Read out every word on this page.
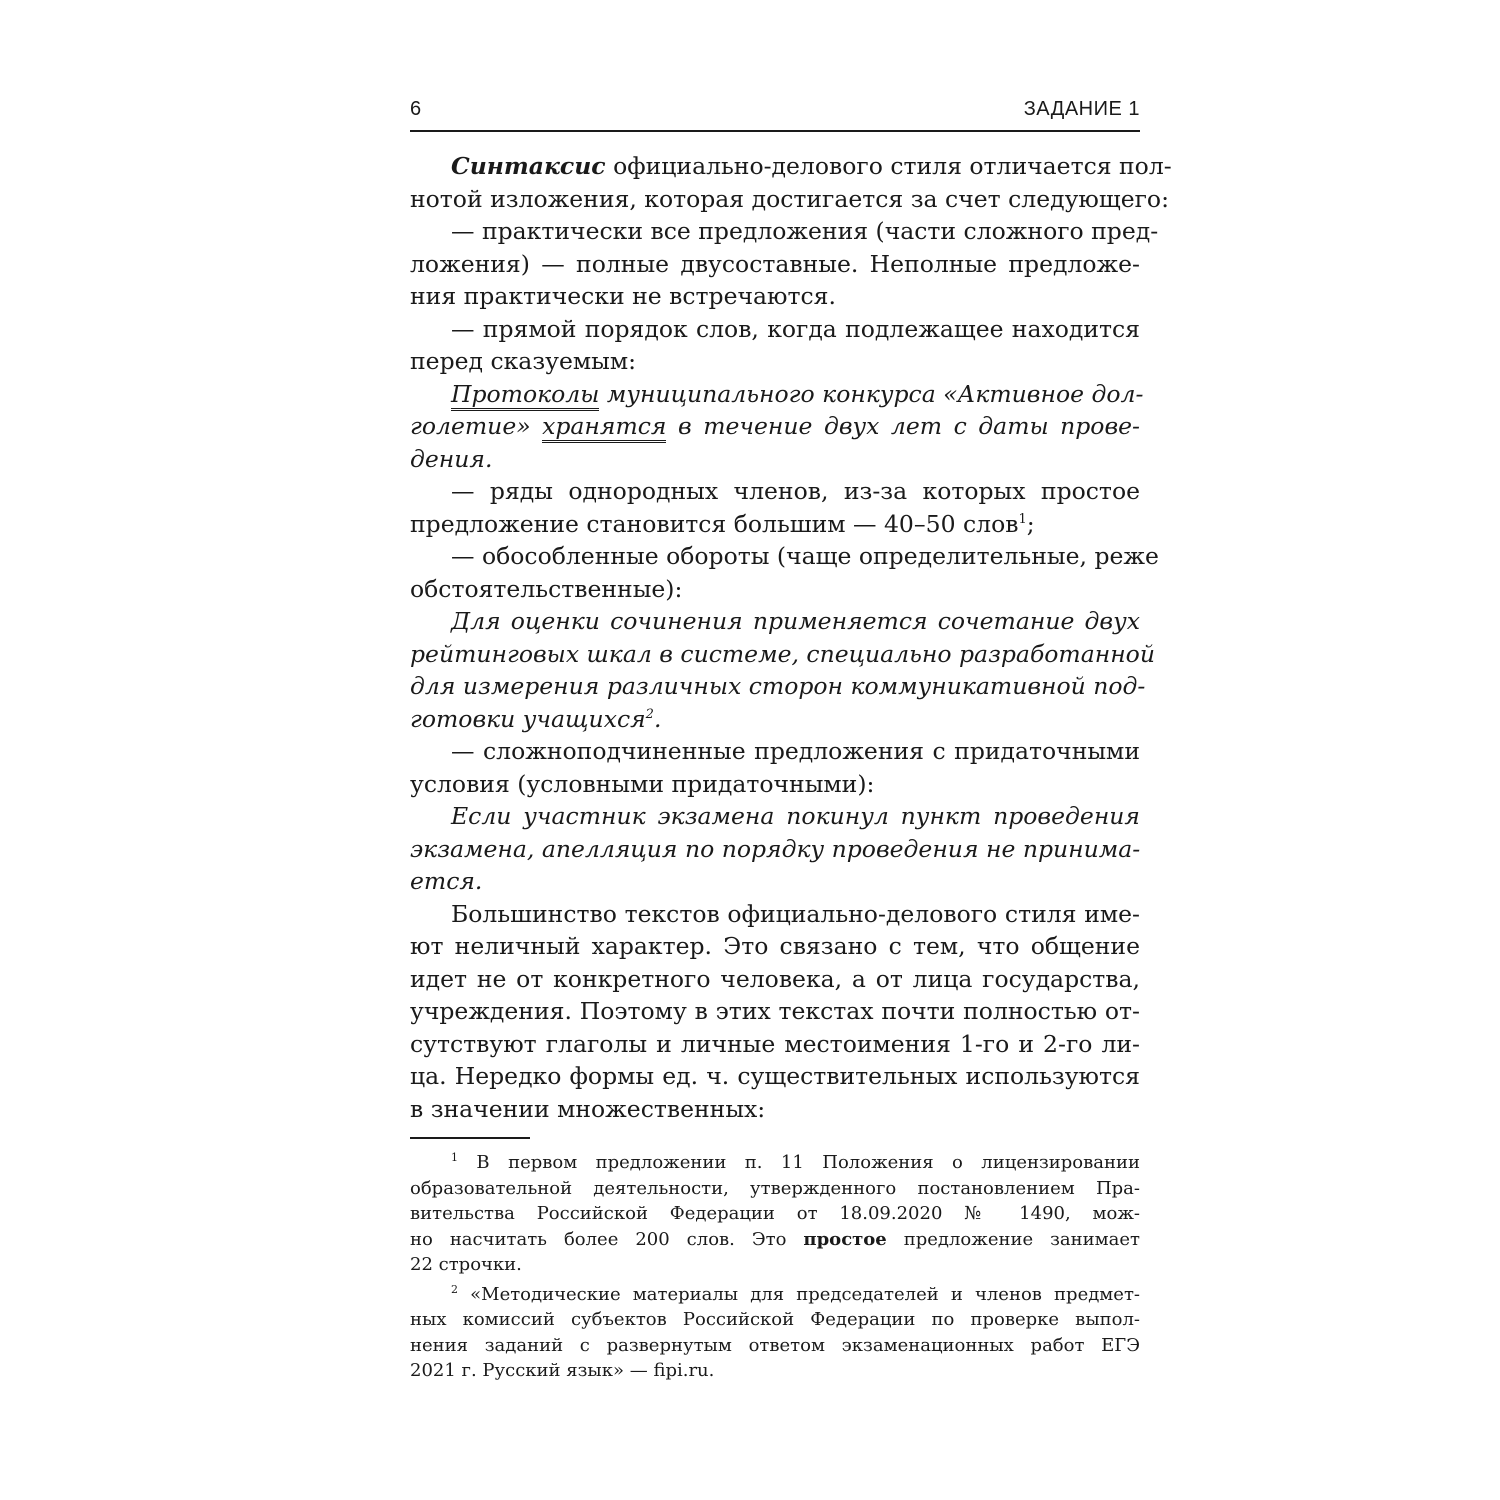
6	ЗАДАНИЕ 1
Синтаксис официально-делового стиля отличается пол-
нотой изложения, которая достигается за счет следующего:
— практически все предложения (части сложного пред-
ложения) — полные двусоставные. Неполные предложе-
ния практически не встречаются.
— прямой порядок слов, когда подлежащее находится
перед сказуемым:
Протоколы муниципального конкурса «Активное дол-
голетие» хранятся в течение двух лет с даты прове-
дения.
— ряды однородных членов, из-за которых простое
предложение становится большим — 40–50 слов$^1$;
— обособленные обороты (чаще определительные, реже
обстоятельственные):
Для оценки сочинения применяется сочетание двух
рейтинговых шкал в системе, специально разработанной
для измерения различных сторон коммуникативной под-
готовки учащихся$^2$.
— сложноподчиненные предложения с придаточными
условия (условными придаточными):
Если участник экзамена покинул пункт проведения
экзамена, апелляция по порядку проведения не принима-
ется.
Большинство текстов официально-делового стиля име-
ют неличный характер. Это связано с тем, что общение
идет не от конкретного человека, а от лица государства,
учреждения. Поэтому в этих текстах почти полностью от-
сутствуют глаголы и личные местоимения 1-го и 2-го ли-
ца. Нередко формы ед. ч. существительных используются
в значении множественных:
$^1$ В первом предложении п. 11 Положения о лицензировании
образовательной деятельности, утвержденного постановлением Пра-
вительства Российской Федерации от 18.09.2020 № 1490, мож-
но насчитать более 200 слов. Это простое предложение занимает
22 строчки.
$^2$ «Методические материалы для председателей и членов предмет-
ных комиссий субъектов Российской Федерации по проверке выпол-
нения заданий с развернутым ответом экзаменационных работ ЕГЭ
2021 г. Русский язык» — fipi.ru.
